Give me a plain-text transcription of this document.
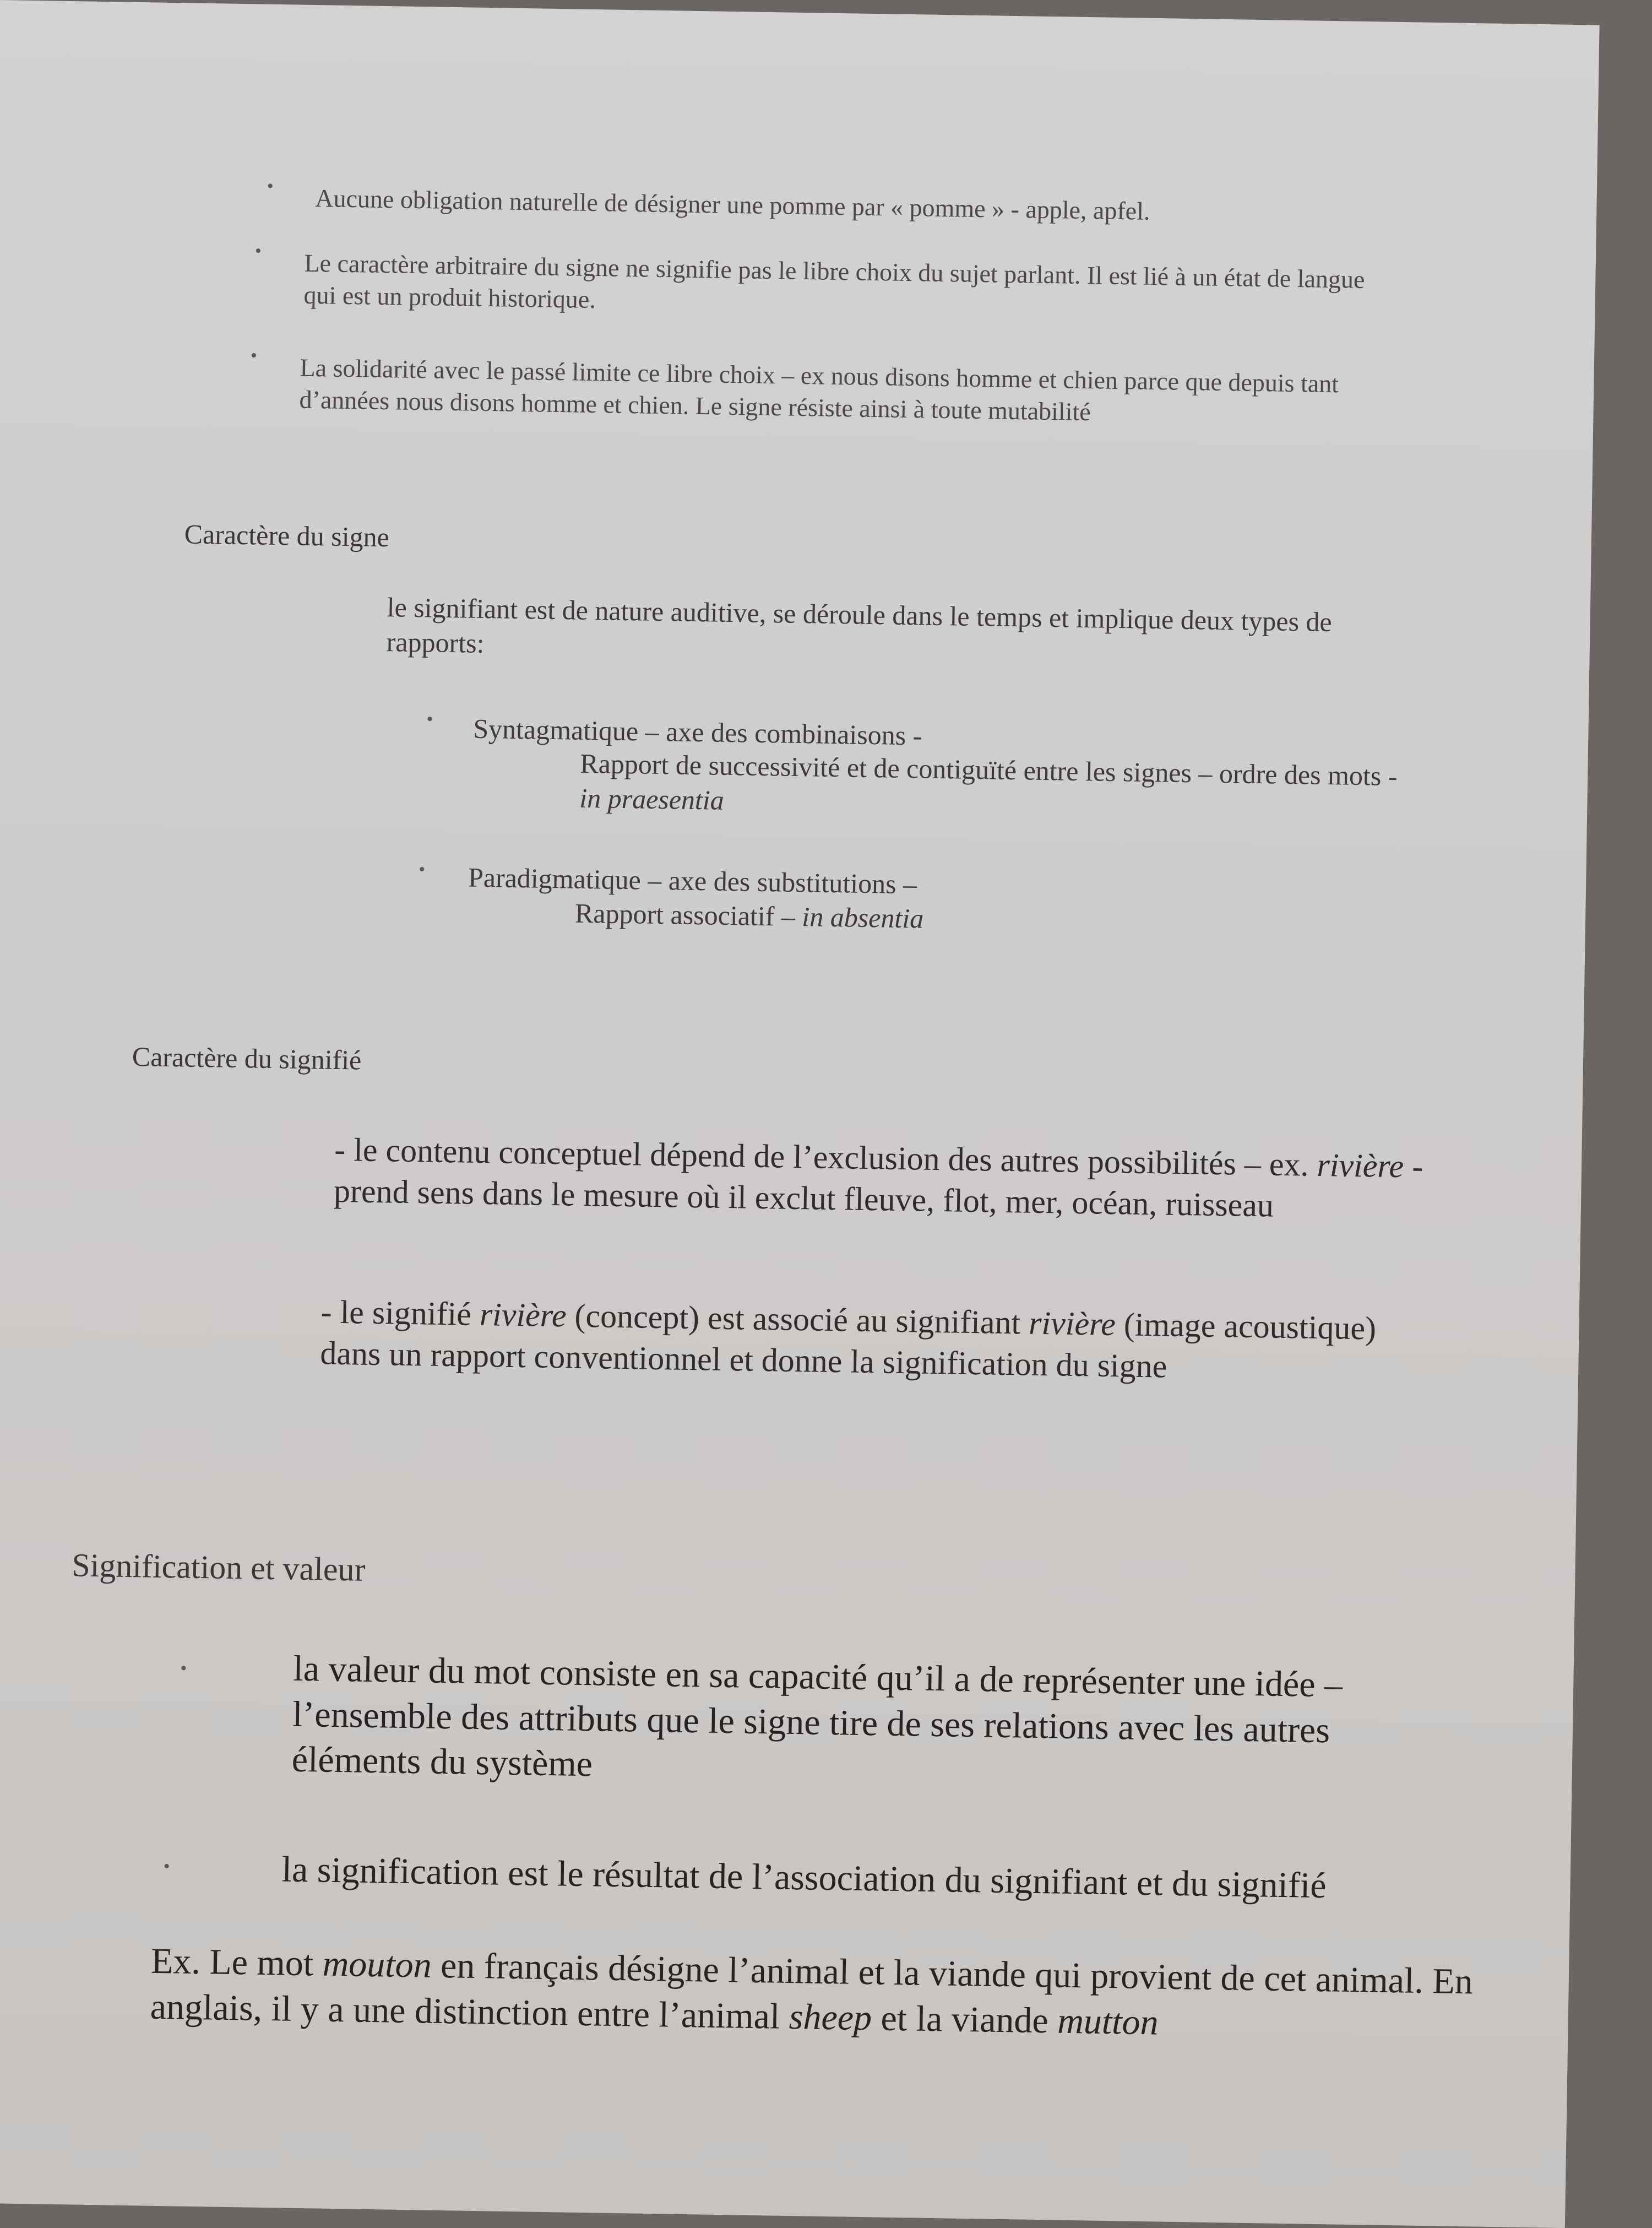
• Aucune obligation naturelle de désigner une pomme par « pomme » - apple, apfel.

• Le caractère arbitraire du signe ne signifie pas le libre choix du sujet parlant. Il est lié à un état de langue qui est un produit historique.

• La solidarité avec le passé limite ce libre choix – ex nous disons homme et chien parce que depuis tant d’années nous disons homme et chien. Le signe résiste ainsi à toute mutabilité

Caractère du signe

le signifiant est de nature auditive, se déroule dans le temps et implique deux types de rapports:

• Syntagmatique – axe des combinaisons -
Rapport de successivité et de contiguïté entre les signes – ordre des mots - in praesentia
• Paradigmatique – axe des substitutions –
Rapport associatif – in absentia
Caractère du signifié
- le contenu conceptuel dépend de l’exclusion des autres possibilités – ex. rivière - prend sens dans le mesure où il exclut fleuve, flot, mer, océan, ruisseau
- le signifié rivière (concept) est associé au signifiant rivière (image acoustique) dans un rapport conventionnel et donne la signification du signe
Signification et valeur
•	la valeur du mot consiste en sa capacité qu’il a de représenter une idée – l’ensemble des attributs que le signe tire de ses relations avec les autres éléments du système

•	la signification est le résultat de l’association du signifiant et du signifié

Ex. Le mot mouton en français désigne l’animal et la viande qui provient de cet animal. En anglais, il y a une distinction entre l’animal sheep et la viande mutton
